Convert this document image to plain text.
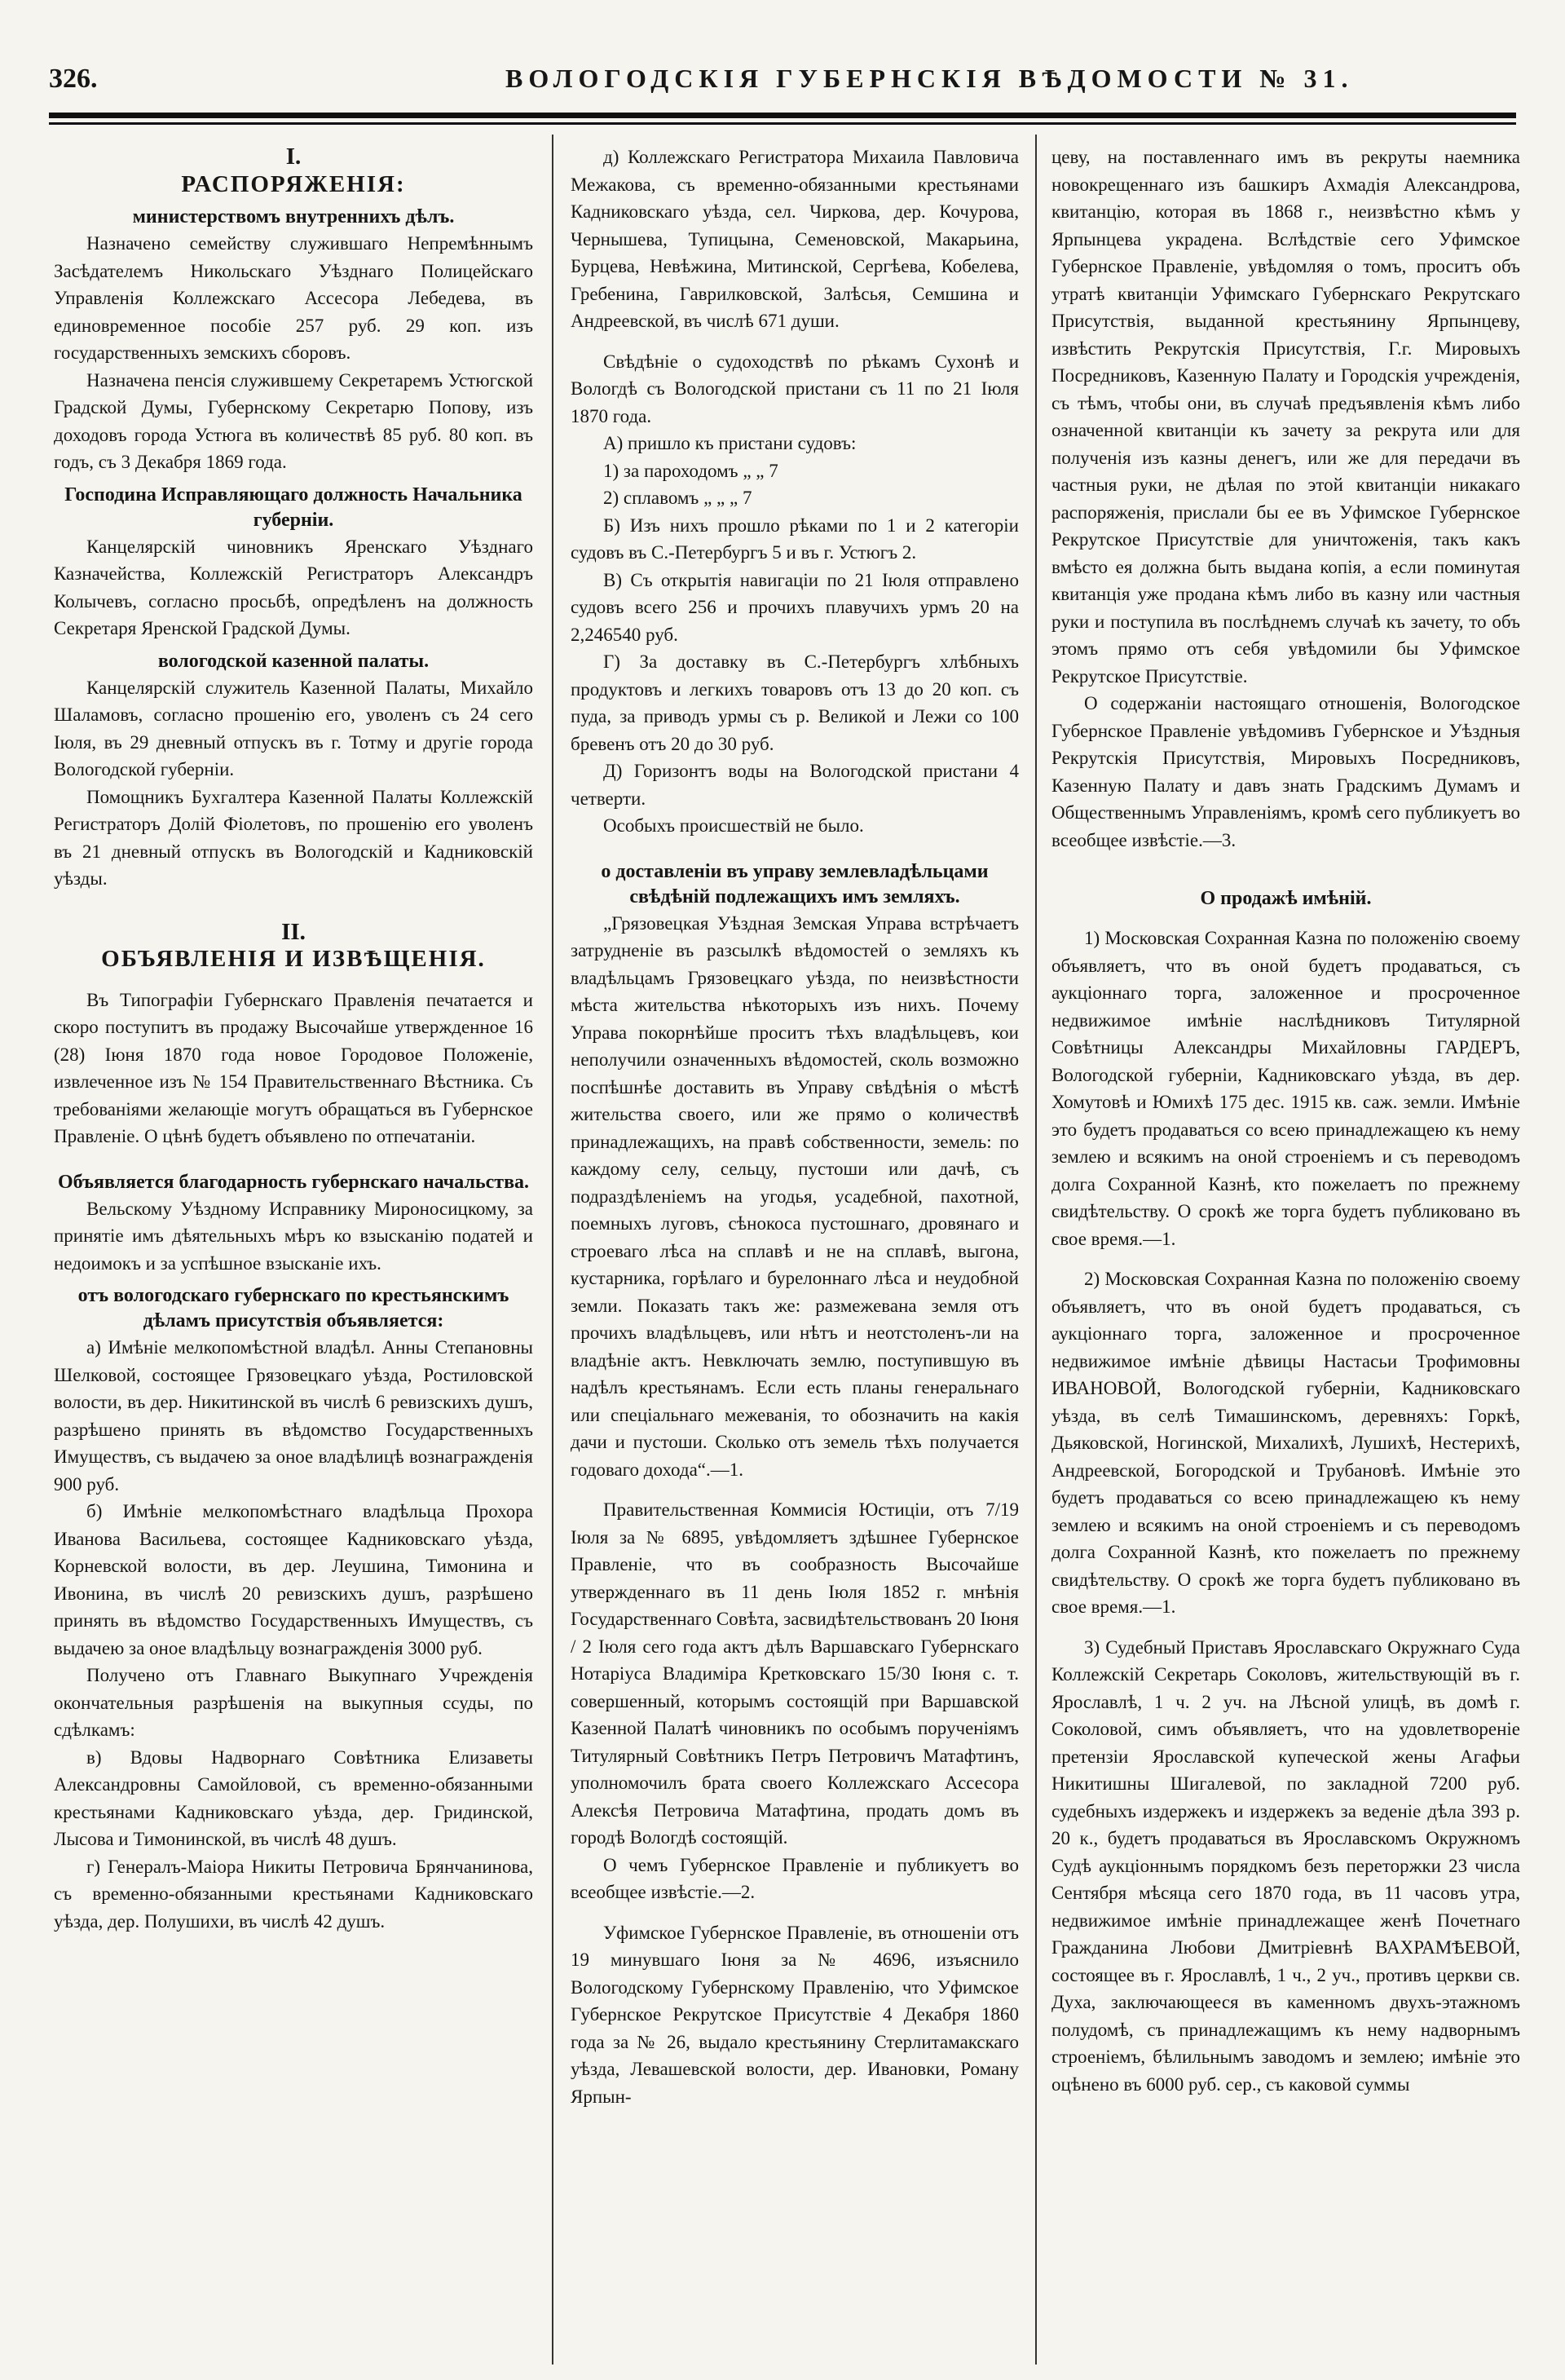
326.	ВОЛОГОДСКІЯ ГУБЕРНСКІЯ ВѢДОМОСТИ № 31.

I.

РАСПОРЯЖЕНІЯ:

министерствомъ внутреннихъ дѣлъ.

Назначено семейству служившаго Непремѣннымъ Засѣдателемъ Никольскаго Уѣзднаго Полицейскаго Управленія Коллежскаго Ассесора Лебедева, въ единовременное пособіе 257 руб. 29 коп. изъ государственныхъ земскихъ сборовъ.

Назначена пенсія служившему Секретаремъ Устюгской Градской Думы, Губернскому Секретарю Попову, изъ доходовъ города Устюга въ количествѣ 85 руб. 80 коп. въ годъ, съ 3 Декабря 1869 года.

Господина Исправляющаго должность Начальника губерніи.

Канцелярскій чиновникъ Яренскаго Уѣзднаго Казначейства, Коллежскій Регистраторъ Александръ Колычевъ, согласно просьбѣ, опредѣленъ на должность Секретаря Яренской Градской Думы.

вологодской казенной палаты.

Канцелярскій служитель Казенной Палаты, Михайло Шаламовъ, согласно прошенію его, уволенъ съ 24 сего Іюля, въ 29 дневный отпускъ въ г. Тотму и другіе города Вологодской губерніи.

Помощникъ Бухгалтера Казенной Палаты Коллежскій Регистраторъ Долій Фіолетовъ, по прошенію его уволенъ въ 21 дневный отпускъ въ Вологодскій и Кадниковскій уѣзды.

II.

ОБЪЯВЛЕНІЯ И ИЗВѢЩЕНІЯ.

Въ Типографіи Губернскаго Правленія печатается и скоро поступитъ въ продажу Высочайше утвержденное 16 (28) Іюня 1870 года новое Городовое Положеніе, извлеченное изъ № 154 Правительственнаго Вѣстника. Съ требованіями желающіе могутъ обращаться въ Губернское Правленіе. О цѣнѣ будетъ объявлено по отпечатаніи.

Объявляется благодарность губернскаго начальства.

Вельскому Уѣздному Исправнику Мироносицкому, за принятіе имъ дѣятельныхъ мѣръ ко взысканію податей и недоимокъ и за успѣшное взысканіе ихъ.

отъ вологодскаго губернскаго по крестьянскимъ дѣламъ присутствія объявляется:

а) Имѣніе мелкопомѣстной владѣл. Анны Степановны Шелковой, состоящее Грязовецкаго уѣзда, Ростиловской волости, въ дер. Никитинской въ числѣ 6 ревизскихъ душъ, разрѣшено принять въ вѣдомство Государственныхъ Имуществъ, съ выдачею за оное владѣлицѣ вознагражденія 900 руб.

б) Имѣніе мелкопомѣстнаго владѣльца Прохора Иванова Васильева, состоящее Кадниковскаго уѣзда, Корневской волости, въ дер. Леушина, Тимонина и Ивонина, въ числѣ 20 ревизскихъ душъ, разрѣшено принять въ вѣдомство Государственныхъ Имуществъ, съ выдачею за оное владѣльцу вознагражденія 3000 руб.

Получено отъ Главнаго Выкупнаго Учрежденія окончательныя разрѣшенія на выкупныя ссуды, по сдѣлкамъ:

в) Вдовы Надворнаго Совѣтника Елизаветы Александровны Самойловой, съ временно-обязанными крестьянами Кадниковскаго уѣзда, дер. Гридинской, Лысова и Тимонинской, въ числѣ 48 душъ.

г) Генералъ-Маіора Никиты Петровича Брянчанинова, съ временно-обязанными крестьянами Кадниковскаго уѣзда, дер. Полушихи, въ числѣ 42 душъ.

д) Коллежскаго Регистратора Михаила Павловича Межакова, съ временно-обязанными крестьянами Кадниковскаго уѣзда, сел. Чиркова, дер. Кочурова, Чернышева, Тупицына, Семеновской, Макарьина, Бурцева, Невѣжина, Митинской, Сергѣева, Кобелева, Гребенина, Гаврилковской, Залѣсья, Семшина и Андреевской, въ числѣ 671 души.

Свѣдѣніе о судоходствѣ по рѣкамъ Сухонѣ и Вологдѣ съ Вологодской пристани съ 11 по 21 Іюля 1870 года.

А) пришло къ пристани судовъ:

1) за пароходомъ „ „ 7

2) сплавомъ „ „ „ 7

Б) Изъ нихъ прошло рѣками по 1 и 2 категоріи судовъ въ С.-Петербургъ 5 и въ г. Устюгъ 2.

В) Съ открытія навигаціи по 21 Іюля отправлено судовъ всего 256 и прочихъ плавучихъ урмъ 20 на 2,246540 руб.

Г) За доставку въ С.-Петербургъ хлѣбныхъ продуктовъ и легкихъ товаровъ отъ 13 до 20 коп. съ пуда, за приводъ урмы съ р. Великой и Лежи со 100 бревенъ отъ 20 до 30 руб.

Д) Горизонтъ воды на Вологодской пристани 4 четверти.

Особыхъ происшествій не было.

о доставленіи въ управу землевладѣльцами свѣдѣній подлежащихъ имъ земляхъ.

„Грязовецкая Уѣздная Земская Управа встрѣчаетъ затрудненіе въ разсылкѣ вѣдомостей о земляхъ къ владѣльцамъ Грязовецкаго уѣзда, по неизвѣстности мѣста жительства нѣкоторыхъ изъ нихъ. Почему Управа покорнѣйше проситъ тѣхъ владѣльцевъ, кои неполучили означенныхъ вѣдомостей, сколь возможно поспѣшнѣе доставить въ Управу свѣдѣнія о мѣстѣ жительства своего, или же прямо о количествѣ принадлежащихъ, на правѣ собственности, земель: по каждому селу, сельцу, пустоши или дачѣ, съ подраздѣленіемъ на угодья, усадебной, пахотной, поемныхъ луговъ, сѣнокоса пустошнаго, дровянаго и строеваго лѣса на сплавѣ и не на сплавѣ, выгона, кустарника, горѣлаго и бурелоннаго лѣса и неудобной земли. Показать такъ же: размежевана земля отъ прочихъ владѣльцевъ, или нѣтъ и неотстоленъ-ли на владѣніе актъ. Невключать землю, поступившую въ надѣлъ крестьянамъ. Если есть планы генеральнаго или спеціальнаго межеванія, то обозначить на какія дачи и пустоши. Сколько отъ земель тѣхъ получается годоваго дохода“.—1.

Правительственная Коммисія Юстиціи, отъ 7/19 Іюля за № 6895, увѣдомляетъ здѣшнее Губернское Правленіе, что въ сообразность Высочайше утвержденнаго въ 11 день Іюля 1852 г. мнѣнія Государственнаго Совѣта, засвидѣтельствованъ 20 Іюня / 2 Іюля сего года актъ дѣлъ Варшавскаго Губернскаго Нотаріуса Владиміра Кретковскаго 15/30 Іюня с. т. совершенный, которымъ состоящій при Варшавской Казенной Палатѣ чиновникъ по особымъ порученіямъ Титулярный Совѣтникъ Петръ Петровичъ Матафтинъ, уполномочилъ брата своего Коллежскаго Ассесора Алексѣя Петровича Матафтина, продать домъ въ городѣ Вологдѣ состоящій.

О чемъ Губернское Правленіе и публикуетъ во всеобщее извѣстіе.—2.

Уфимское Губернское Правленіе, въ отношеніи отъ 19 минувшаго Іюня за № 4696, изъяснило Вологодскому Губернскому Правленію, что Уфимское Губернское Рекрутское Присутствіе 4 Декабря 1860 года за № 26, выдало крестьянину Стерлитамакскаго уѣзда, Левашевской волости, дер. Ивановки, Роману Ярпын-

цеву, на поставленнаго имъ въ рекруты наемника новокрещеннаго изъ башкиръ Ахмадія Александрова, квитанцію, которая въ 1868 г., неизвѣстно кѣмъ у Ярпынцева украдена. Вслѣдствіе сего Уфимское Губернское Правленіе, увѣдомляя о томъ, проситъ объ утратѣ квитанціи Уфимскаго Губернскаго Рекрутскаго Присутствія, выданной крестьянину Ярпынцеву, извѣстить Рекрутскія Присутствія, Г.г. Мировыхъ Посредниковъ, Казенную Палату и Городскія учрежденія, съ тѣмъ, чтобы они, въ случаѣ предъявленія кѣмъ либо означенной квитанціи къ зачету за рекрута или для полученія изъ казны денегъ, или же для передачи въ частныя руки, не дѣлая по этой квитанціи никакаго распоряженія, прислали бы ее въ Уфимское Губернское Рекрутское Присутствіе для уничтоженія, такъ какъ вмѣсто ея должна быть выдана копія, а если поминутая квитанція уже продана кѣмъ либо въ казну или частныя руки и поступила въ послѣднемъ случаѣ къ зачету, то объ этомъ прямо отъ себя увѣдомили бы Уфимское Рекрутское Присутствіе.

О содержаніи настоящаго отношенія, Вологодское Губернское Правленіе увѣдомивъ Губернское и Уѣздныя Рекрутскія Присутствія, Мировыхъ Посредниковъ, Казенную Палату и давъ знать Градскимъ Думамъ и Общественнымъ Управленіямъ, кромѣ сего публикуетъ во всеобщее извѣстіе.—3.

О продажѣ имѣній.

1) Московская Сохранная Казна по положенію своему объявляетъ, что въ оной будетъ продаваться, съ аукціоннаго торга, заложенное и просроченное недвижимое имѣніе наслѣдниковъ Титулярной Совѣтницы Александры Михайловны ГАРДЕРЪ, Вологодской губерніи, Кадниковскаго уѣзда, въ дер. Хомутовѣ и Юмихѣ 175 дес. 1915 кв. саж. земли. Имѣніе это будетъ продаваться со всею принадлежащею къ нему землею и всякимъ на оной строеніемъ и съ переводомъ долга Сохранной Казнѣ, кто пожелаетъ по прежнему свидѣтельству. О срокѣ же торга будетъ публиковано въ свое время.—1.

2) Московская Сохранная Казна по положенію своему объявляетъ, что въ оной будетъ продаваться, съ аукціоннаго торга, заложенное и просроченное недвижимое имѣніе дѣвицы Настасьи Трофимовны ИВАНОВОЙ, Вологодской губерніи, Кадниковскаго уѣзда, въ селѣ Тимашинскомъ, деревняхъ: Горкѣ, Дьяковской, Ногинской, Михалихѣ, Лушихѣ, Нестерихѣ, Андреевской, Богородской и Трубановѣ. Имѣніе это будетъ продаваться со всею принадлежащею къ нему землею и всякимъ на оной строеніемъ и съ переводомъ долга Сохранной Казнѣ, кто пожелаетъ по прежнему свидѣтельству. О срокѣ же торга будетъ публиковано въ свое время.—1.

3) Судебный Приставъ Ярославскаго Окружнаго Суда Коллежскій Секретарь Соколовъ, жительствующій въ г. Ярославлѣ, 1 ч. 2 уч. на Лѣсной улицѣ, въ домѣ г. Соколовой, симъ объявляетъ, что на удовлетвореніе претензіи Ярославской купеческой жены Агафьи Никитишны Шигалевой, по закладной 7200 руб. судебныхъ издержекъ и издержекъ за веденіе дѣла 393 р. 20 к., будетъ продаваться въ Ярославскомъ Окружномъ Судѣ аукціоннымъ порядкомъ безъ переторжки 23 числа Сентября мѣсяца сего 1870 года, въ 11 часовъ утра, недвижимое имѣніе принадлежащее женѣ Почетнаго Гражданина Любови Дмитріевнѣ ВАХРАМѢЕВОЙ, состоящее въ г. Ярославлѣ, 1 ч., 2 уч., противъ церкви св. Духа, заключающееся въ каменномъ двухъ-этажномъ полудомѣ, съ принадлежащимъ къ нему надворнымъ строеніемъ, бѣлильнымъ заводомъ и землею; имѣніе это оцѣнено въ 6000 руб. сер., съ каковой суммы
